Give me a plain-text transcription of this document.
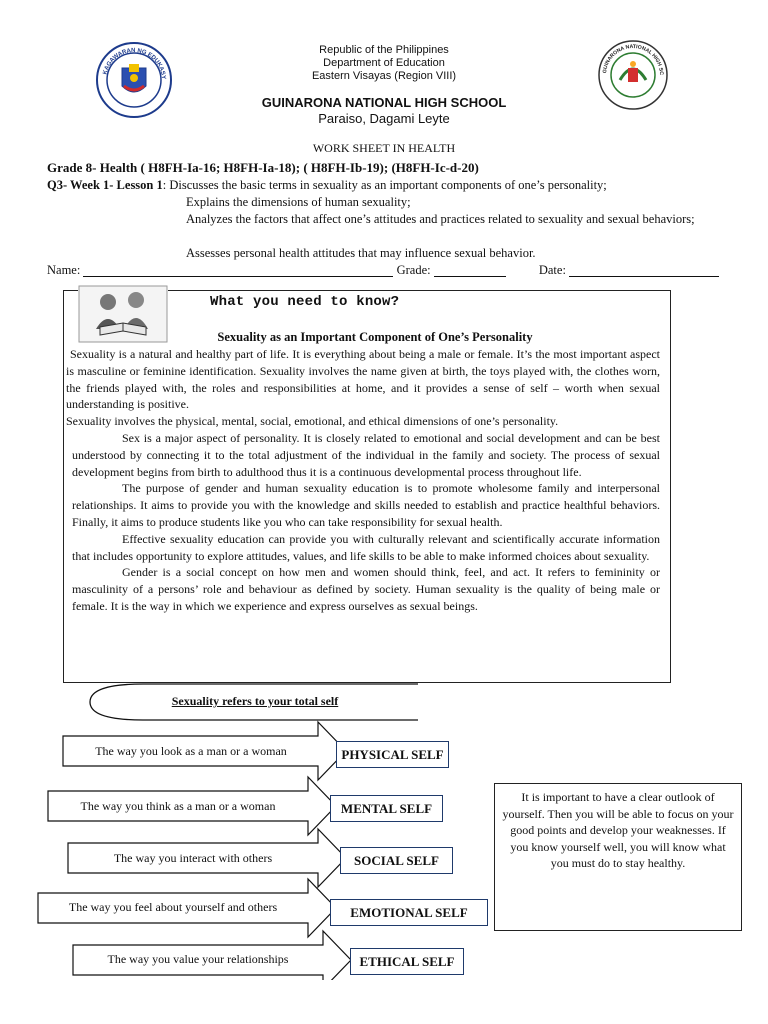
KAGAWARAN NG EDUKASY
Republic of the Philippines
Department of Education
Eastern Visayas (Region VIII)
GUINARONA NATIONAL HIGH SCHOOL
Paraiso, Dagami Leyte
GUINARONA NATIONAL HIGH SC
WORK SHEET IN HEALTH
Grade 8- Health ( H8FH-Ia-16; H8FH-Ia-18); ( H8FH-Ib-19); (H8FH-Ic-d-20)
Q3- Week 1- Lesson 1: Discusses the basic terms in sexuality as an important components of one’s personality;
Explains the dimensions of human sexuality;
Analyzes the factors that affect one’s attitudes and practices related to sexuality and sexual behaviors;
Assesses personal health attitudes that may influence sexual behavior.
Name:	Grade:	Date:
What you need to know?
Sexuality as an Important Component of One’s Personality

Sexuality is a natural and healthy part of life. It is everything about being a male or female. It’s the most important aspect is masculine or feminine identification. Sexuality involves the name given at birth, the toys played with, the clothes worn, the friends played with, the roles and responsibilities at home, and it provides a sense of self – worth when sexual understanding is positive.

Sexuality involves the physical, mental, social, emotional, and ethical dimensions of one’s personality.

Sex is a major aspect of personality. It is closely related to emotional and social development and can be best understood by connecting it to the total adjustment of the individual in the family and society. The process of sexual development begins from birth to adulthood thus it is a continuous developmental process throughout life.

The purpose of gender and human sexuality education is to promote wholesome family and interpersonal relationships. It aims to provide you with the knowledge and skills needed to establish and practice healthful behaviors. Finally, it aims to produce students like you who can take responsibility for sexual health.

Effective sexuality education can provide you with culturally relevant and scientifically accurate information that includes opportunity to explore attitudes, values, and life skills to be able to make informed choices about sexuality.

Gender is a social concept on how men and women should think, feel, and act. It refers to femininity or masculinity of a persons’ role and behaviour as defined by society. Human sexuality is the quality of being male or female. It is the way in which we experience and express ourselves as sexual beings.

Sexuality refers to your total self
The way you look as a man or a woman
The way you think as a man or a woman
The way you interact with others
The way you feel about yourself and others
The way you value your relationships
PHYSICAL SELF
MENTAL SELF
SOCIAL SELF
EMOTIONAL SELF
ETHICAL SELF
It is important to have a clear outlook of yourself. Then you will be able to focus on your good points and develop your weaknesses. If you know yourself well, you will know what you must do to stay healthy.
